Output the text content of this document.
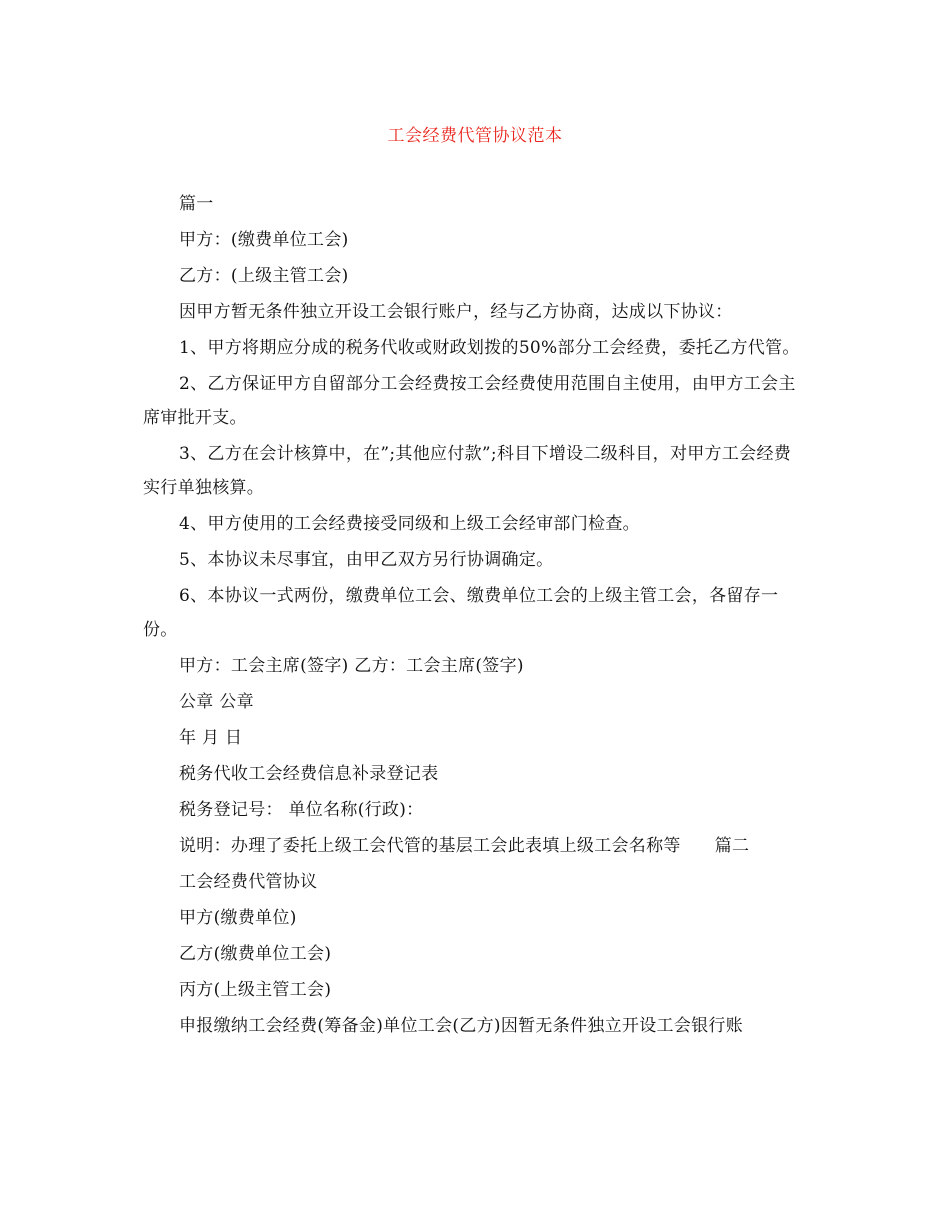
工会经费代管协议范本

篇一

甲方：(缴费单位工会)

乙方：(上级主管工会)

因甲方暂无条件独立开设工会银行账户，经与乙方协商，达成以下协议：

1、甲方将期应分成的税务代收或财政划拨的50%部分工会经费，委托乙方代管。

2、乙方保证甲方自留部分工会经费按工会经费使用范围自主使用，由甲方工会主席审批开支。

3、乙方在会计核算中，在”;其他应付款”;科目下增设二级科目，对甲方工会经费实行单独核算。

4、甲方使用的工会经费接受同级和上级工会经审部门检查。

5、本协议未尽事宜，由甲乙双方另行协调确定。

6、本协议一式两份，缴费单位工会、缴费单位工会的上级主管工会，各留存一份。

甲方：工会主席(签字) 乙方：工会主席(签字)

公章 公章

年 月 日

税务代收工会经费信息补录登记表

税务登记号： 单位名称(行政)：

说明：办理了委托上级工会代管的基层工会此表填上级工会名称等 篇二

工会经费代管协议

甲方(缴费单位)

乙方(缴费单位工会)

丙方(上级主管工会)

申报缴纳工会经费(筹备金)单位工会(乙方)因暂无条件独立开设工会银行账
